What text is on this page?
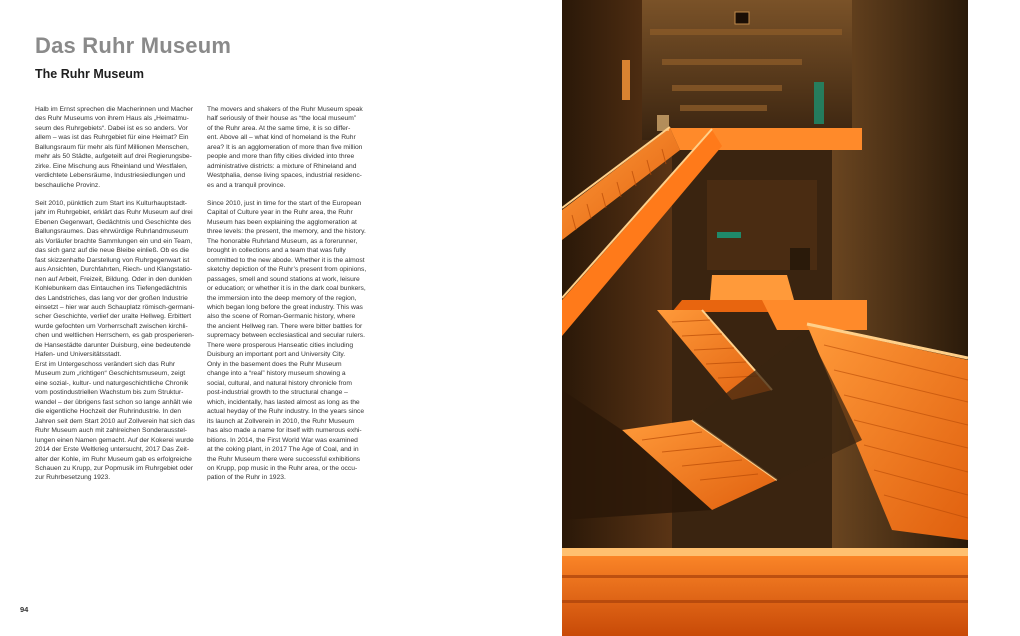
Das Ruhr Museum
The Ruhr Museum
Halb im Ernst sprechen die Macherinnen und Macher
des Ruhr Museums von ihrem Haus als „Heimatmu-
seum des Ruhrgebiets“. Dabei ist es so anders. Vor
allem – was ist das Ruhrgebiet für eine Heimat? Ein
Ballungsraum für mehr als fünf Millionen Menschen,
mehr als 50 Städte, aufgeteilt auf drei Regierungsbe-
zirke. Eine Mischung aus Rheinland und Westfalen,
verdichtete Lebensräume, Industriesiedlungen und
beschauliche Provinz.
Seit 2010, pünktlich zum Start ins Kulturhauptstadt-
jahr im Ruhrgebiet, erklärt das Ruhr Museum auf drei
Ebenen Gegenwart, Gedächtnis und Geschichte des
Ballungsraumes. Das ehrwürdige Ruhrlandmuseum
als Vorläufer brachte Sammlungen ein und ein Team,
das sich ganz auf die neue Bleibe einließ. Ob es die
fast skizzenhafte Darstellung von Ruhrgegenwart ist
aus Ansichten, Durchfahrten, Riech- und Klangstatio-
nen auf Arbeit, Freizeit, Bildung. Oder in den dunklen
Kohlebunkern das Eintauchen ins Tiefengedächtnis
des Landstriches, das lang vor der großen Industrie
einsetzt – hier war auch Schauplatz römisch-germani-
scher Geschichte, verlief der uralte Hellweg. Erbittert
wurde gefochten um Vorherrschaft zwischen kirchli-
chen und weltlichen Herrschern, es gab prosperieren-
de Hansestädte darunter Duisburg, eine bedeutende
Hafen- und Universitätsstadt.
Erst im Untergeschoss verändert sich das Ruhr
Museum zum „richtigen“ Geschichtsmuseum, zeigt
eine sozial-, kultur- und naturgeschichtliche Chronik
vom postindustriellen Wachstum bis zum Struktur-
wandel – der übrigens fast schon so lange anhält wie
die eigentliche Hochzeit der Ruhrindustrie. In den
Jahren seit dem Start 2010 auf Zollverein hat sich das
Ruhr Museum auch mit zahlreichen Sonderausstel-
lungen einen Namen gemacht. Auf der Kokerei wurde
2014 der Erste Weltkrieg untersucht, 2017 Das Zeit-
alter der Kohle, im Ruhr Museum gab es erfolgreiche
Schauen zu Krupp, zur Popmusik im Ruhrgebiet oder
zur Ruhrbesetzung 1923.
The movers and shakers of the Ruhr Museum speak
half seriously of their house as “the local museum”
of the Ruhr area. At the same time, it is so differ-
ent. Above all – what kind of homeland is the Ruhr
area? It is an agglomeration of more than five million
people and more than fifty cities divided into three
administrative districts: a mixture of Rhineland and
Westphalia, dense living spaces, industrial residenc-
es and a tranquil province.
Since 2010, just in time for the start of the European
Capital of Culture year in the Ruhr area, the Ruhr
Museum has been explaining the agglomeration at
three levels: the present, the memory, and the history.
The honorable Ruhrland Museum, as a forerunner,
brought in collections and a team that was fully
committed to the new abode. Whether it is the almost
sketchy depiction of the Ruhr’s present from opinions,
passages, smell and sound stations at work, leisure
or education; or whether it is in the dark coal bunkers,
the immersion into the deep memory of the region,
which began long before the great industry. This was
also the scene of Roman-Germanic history, where
the ancient Hellweg ran. There were bitter battles for
supremacy between ecclesiastical and secular rulers.
There were prosperous Hanseatic cities including
Duisburg an important port and University City.
Only in the basement does the Ruhr Museum
change into a “real” history museum showing a
social, cultural, and natural history chronicle from
post-industrial growth to the structural change –
which, incidentally, has lasted almost as long as the
actual heyday of the Ruhr industry. In the years since
its launch at Zollverein in 2010, the Ruhr Museum
has also made a name for itself with numerous exhi-
bitions. In 2014, the First World War was examined
at the coking plant, in 2017 The Age of Coal, and in
the Ruhr Museum there were successful exhibitions
on Krupp, pop music in the Ruhr area, or the occu-
pation of the Ruhr in 1923.
94
